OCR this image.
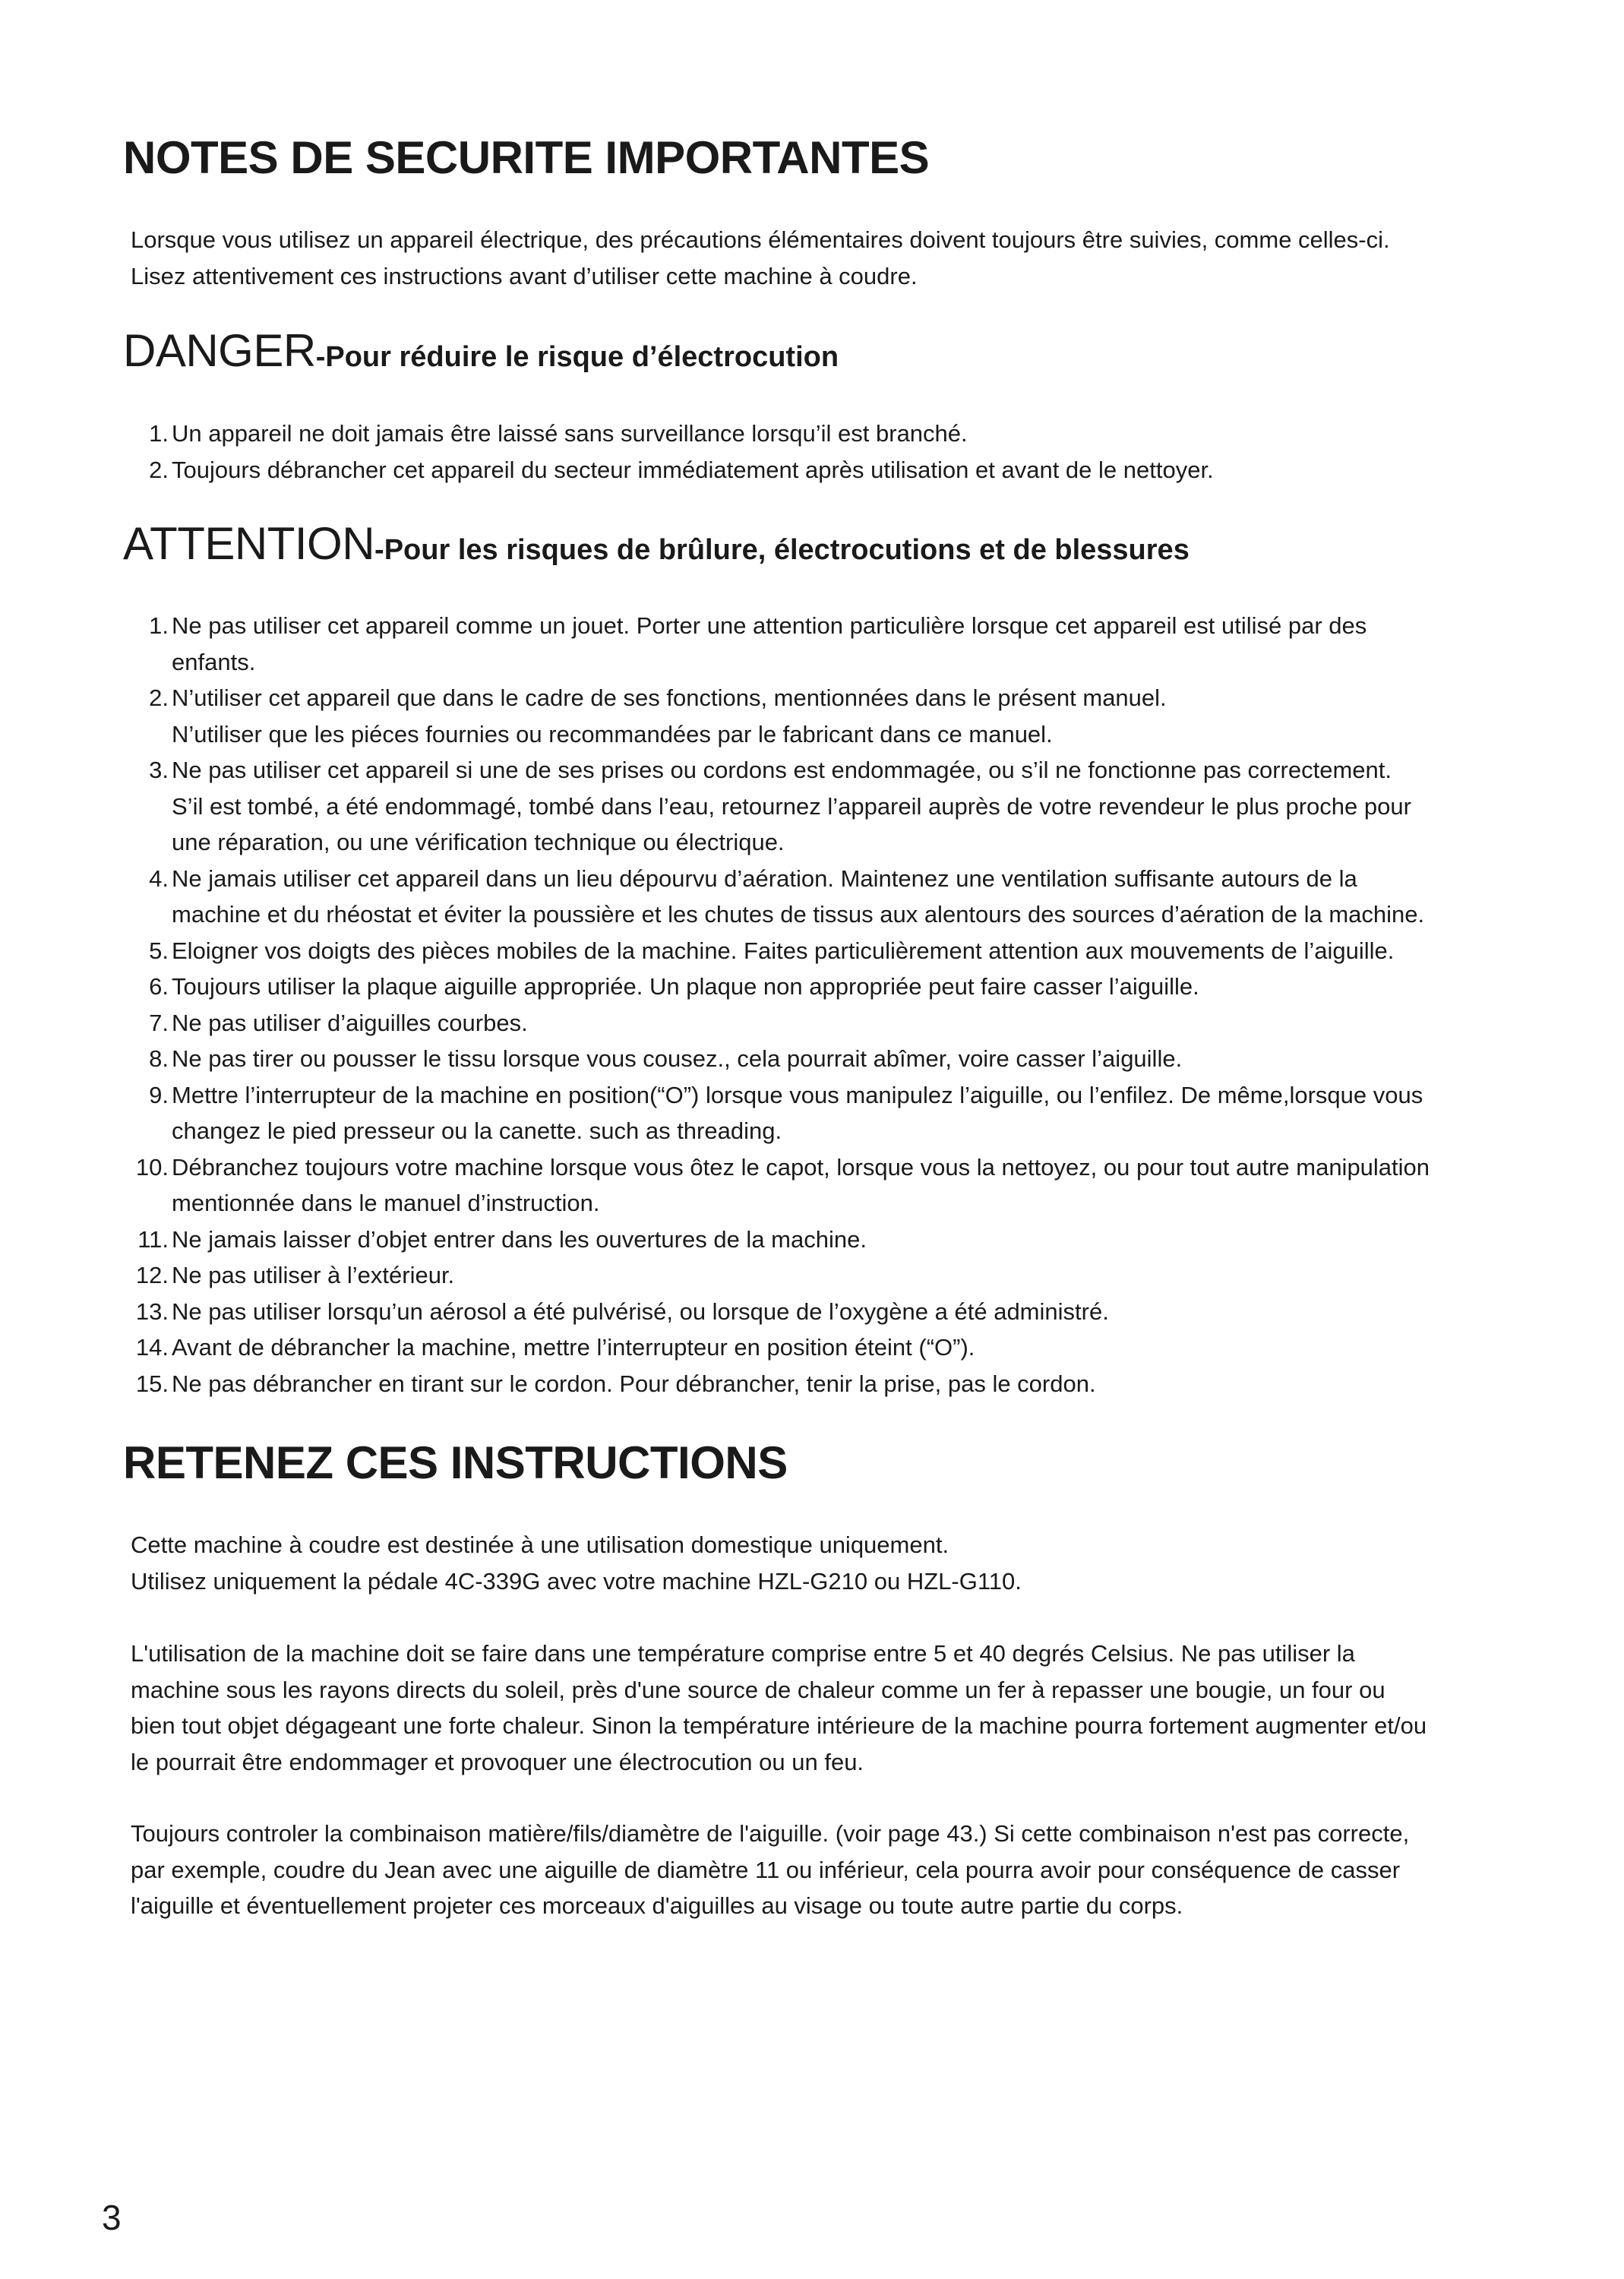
NOTES DE SECURITE IMPORTANTES
Lorsque vous utilisez un appareil électrique, des précautions élémentaires doivent toujours être suivies, comme celles-ci.
Lisez attentivement ces instructions avant d’utiliser cette machine à coudre.
DANGER-Pour réduire le risque d’électrocution
1. Un appareil ne doit jamais être laissé sans surveillance lorsqu’il est branché.
2. Toujours débrancher cet appareil du secteur immédiatement après utilisation et avant de le nettoyer.
ATTENTION-Pour les risques de brûlure, électrocutions et de blessures
1. Ne pas utiliser cet appareil comme un jouet. Porter une attention particulière lorsque cet appareil est utilisé par des
enfants.
2. N’utiliser cet appareil que dans le cadre de ses fonctions, mentionnées dans le présent manuel.
N’utiliser que les piéces fournies ou recommandées par le fabricant dans ce manuel.
3. Ne pas utiliser cet appareil si une de ses prises ou cordons est endommagée, ou s’il ne fonctionne pas correctement.
S’il est tombé, a été endommagé, tombé dans l’eau, retournez l’appareil auprès de votre revendeur le plus proche pour
une réparation, ou une vérification technique ou électrique.
4. Ne jamais utiliser cet appareil dans un lieu dépourvu d’aération. Maintenez une ventilation suffisante autours de la
machine et du rhéostat et éviter la poussière et les chutes de tissus aux alentours des sources d’aération de la machine.
5. Eloigner vos doigts des pièces mobiles de la machine. Faites particulièrement attention aux mouvements de l’aiguille.
6. Toujours utiliser la plaque aiguille appropriée. Un plaque non appropriée peut faire casser l’aiguille.
7. Ne pas utiliser d’aiguilles courbes.
8. Ne pas tirer ou pousser le tissu lorsque vous cousez., cela pourrait abîmer, voire casser l’aiguille.
9. Mettre l’interrupteur de la machine en position(“O”) lorsque vous manipulez l’aiguille, ou l’enfilez. De même,lorsque vous
changez le pied presseur ou la canette. such as threading.
10. Débranchez toujours votre machine lorsque vous ôtez le capot, lorsque vous la nettoyez, ou pour tout autre manipulation
mentionnée dans le manuel d’instruction.
11. Ne jamais laisser d’objet entrer dans les ouvertures de la machine.
12. Ne pas utiliser à l’extérieur.
13. Ne pas utiliser lorsqu’un aérosol a été pulvérisé, ou lorsque de l’oxygène a été administré.
14. Avant de débrancher la machine, mettre l’interrupteur en position éteint (“O”).
15. Ne pas débrancher en tirant sur le cordon. Pour débrancher, tenir la prise, pas le cordon.
RETENEZ CES INSTRUCTIONS
Cette machine à coudre est destinée à une utilisation domestique uniquement.
Utilisez uniquement la pédale 4C-339G avec votre machine HZL-G210 ou HZL-G110.
L'utilisation de la machine doit se faire dans une température comprise entre 5 et 40 degrés Celsius. Ne pas utiliser la
machine sous les rayons directs du soleil, près d'une source de chaleur comme un fer à repasser une bougie, un four ou
bien tout objet dégageant une forte chaleur. Sinon la température intérieure de la machine pourra fortement augmenter et/ou
le pourrait être endommager et provoquer une électrocution ou un feu.
Toujours controler la combinaison matière/fils/diamètre de l'aiguille. (voir page 43.) Si cette combinaison n'est pas correcte,
par exemple, coudre du Jean avec une aiguille de diamètre 11 ou inférieur, cela pourra avoir pour conséquence de casser
l'aiguille et éventuellement projeter ces morceaux d'aiguilles au visage ou toute autre partie du corps.
3
